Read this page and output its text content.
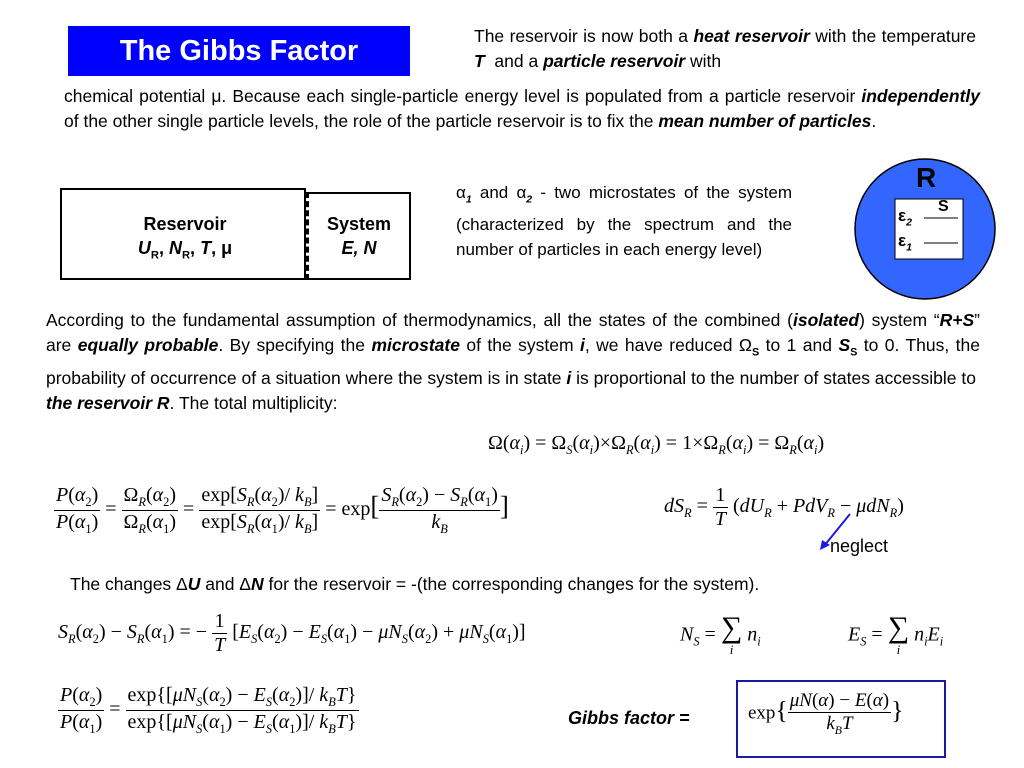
The Gibbs Factor	The reservoir is now both a heat reservoir with the temperature T  and a particle reservoir with
chemical potential μ. Because each single-particle energy level is populated from a particle reservoir independently of the other single particle levels, the role of the particle reservoir is to fix the mean number of particles.
Reservoir
$U_R$, $N_R$, T, μ
System
E, N
$\alpha_1$ and $\alpha_2$ - two microstates of the system (characterized by the spectrum and the number of particles in each energy level)
R
S
$\varepsilon_2$
$\varepsilon_1$
According to the fundamental assumption of thermodynamics, all the states of the combined (isolated) system “R+S” are equally probable. By specifying the microstate of the system i, we have reduced $\Omega_S$ to 1 and $S_S$ to 0. Thus, the probability of occurrence of a situation where the system is in state i is proportional to the number of states accessible to
the reservoir R. The total multiplicity:
$\Omega(\alpha_i) = \Omega_S(\alpha_i)\times\Omega_R(\alpha_i) = 1\times\Omega_R(\alpha_i) = \Omega_R(\alpha_i)$
$\frac{P(\alpha_2)}{P(\alpha_1)} = \frac{\Omega_R(\alpha_2)}{\Omega_R(\alpha_1)} = \frac{\exp[S_R(\alpha_2)/ k_B]}{\exp[S_R(\alpha_1)/ k_B]} = \exp[ \frac{S_R(\alpha_2) - S_R(\alpha_1)}{k_B}$ ]	$dS_R = \frac{1}{T} (dU_R + PdV_R - \mu dN_R)$
neglect
The changes ΔU and ΔN for the reservoir = -(the corresponding changes for the system).
$S_R(\alpha_2) - S_R(\alpha_1)$ = − $\frac{1}{T} [E_S(\alpha_2) - E_S(\alpha_1) - \mu N_S(\alpha_2) + \mu N_S(\alpha_1)]$	$N_S$ = ∑
i
$n_i$	$E_S$ = ∑
i
$n_iE_i$
$\frac{P(\alpha_2)}{P(\alpha_1)} = \frac{\exp\{[\mu N_S(\alpha_2) - E_S(\alpha_2)]/ k_BT\}}{\exp\{[\mu N_S(\alpha_1) - E_S(\alpha_1)]/ k_BT\}}$	Gibbs factor =	$\exp\{ \frac{\mu N(\alpha) - E(\alpha)}{k_BT}$ }
